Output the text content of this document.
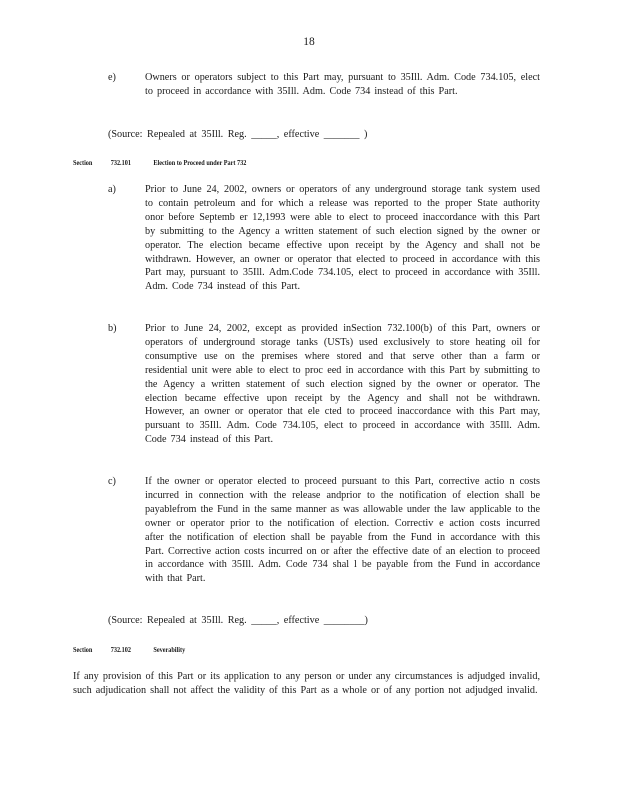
18
e)	Owners or operators subject to this Part may, pursuant to 35Ill. Adm. Code 734.105, elect to proceed in accordance with 35Ill. Adm. Code 734 instead of this Part.
(Source: Repealed at 35Ill. Reg. _____, effective _______ )
Section 732.101	Election to Proceed under Part 732
a)	Prior to June 24, 2002, owners or operators of any underground storage tank system used to contain petroleum and for which a release was reported to the proper State authority onor before Septemb er 12,1993 were able to elect to proceed inaccordance with this Part by submitting to the Agency a written statement of such election signed by the owner or operator. The election became effective upon receipt by the Agency and shall not be withdrawn. However, an owner or operator that elected to proceed in accordance with this Part may, pursuant to 35Ill. Adm.Code 734.105, elect to proceed in accordance with 35Ill. Adm. Code 734 instead of this Part.
b)	Prior to June 24, 2002, except as provided inSection 732.100(b) of this Part, owners or operators of underground storage tanks (USTs) used exclusively to store heating oil for consumptive use on the premises where stored and that serve other than a farm or residential unit were able to elect to proc eed in accordance with this Part by submitting to the Agency a written statement of such election signed by the owner or operator. The election became effective upon receipt by the Agency and shall not be withdrawn. However, an owner or operator that ele cted to proceed inaccordance with this Part may, pursuant to 35Ill. Adm. Code 734.105, elect to proceed in accordance with 35Ill. Adm. Code 734 instead of this Part.
c)	If the owner or operator elected to proceed pursuant to this Part, corrective actio n costs incurred in connection with the release andprior to the notification of election shall be payablefrom the Fund in the same manner as was allowable under the law applicable to the owner or operator prior to the notification of election. Correctiv e action costs incurred after the notification of election shall be payable from the Fund in accordance with this Part. Corrective action costs incurred on or after the effective date of an election to proceed in accordance with 35Ill. Adm. Code 734 shal l be payable from the Fund in accordance with that Part.
(Source: Repealed at 35Ill. Reg. _____, effective ________)
Section 732.102	Severability
If any provision of this Part or its application to any person or under any circumstances is adjudged invalid, such adjudication shall not affect the validity of this Part as a whole or of any portion not adjudged invalid.
